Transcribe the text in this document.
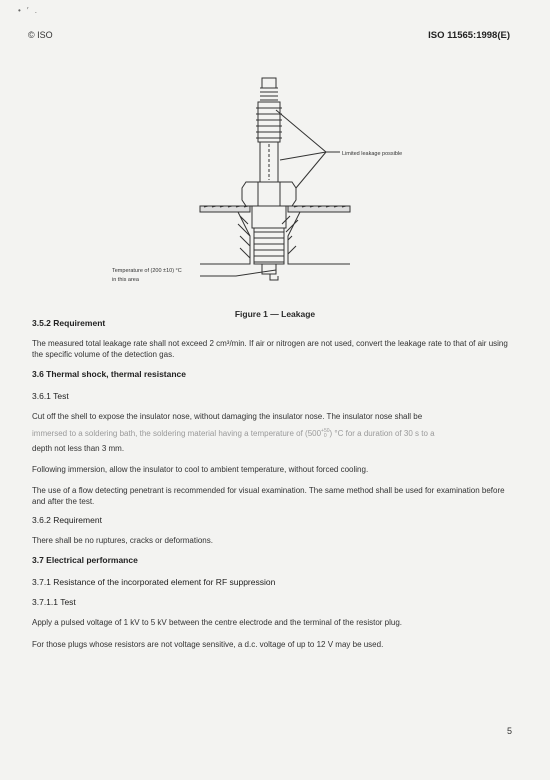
• ′ .
© ISO	ISO 11565:1998(E)
Limited leakage possible
Temperature of (200 ±10) °C
in this area
Figure 1 — Leakage
3.5.2 Requirement
The measured total leakage rate shall not exceed 2 cm³/min. If air or nitrogen are not used, convert the leakage rate to that of air using the specific volume of the detection gas.
3.6 Thermal shock, thermal resistance
3.6.1 Test
Cut off the shell to expose the insulator nose, without damaging the insulator nose. The insulator nose shall be
immersed to a soldering bath, the soldering material having a temperature of (500+50
0 ) °C for a duration of 30 s to a
depth not less than 3 mm.
Following immersion, allow the insulator to cool to ambient temperature, without forced cooling.
The use of a flow detecting penetrant is recommended for visual examination. The same method shall be used for examination before and after the test.
3.6.2 Requirement
There shall be no ruptures, cracks or deformations.
3.7 Electrical performance
3.7.1 Resistance of the incorporated element for RF suppression
3.7.1.1 Test
Apply a pulsed voltage of 1 kV to 5 kV between the centre electrode and the terminal of the resistor plug.
For those plugs whose resistors are not voltage sensitive, a d.c. voltage of up to 12 V may be used.
5
